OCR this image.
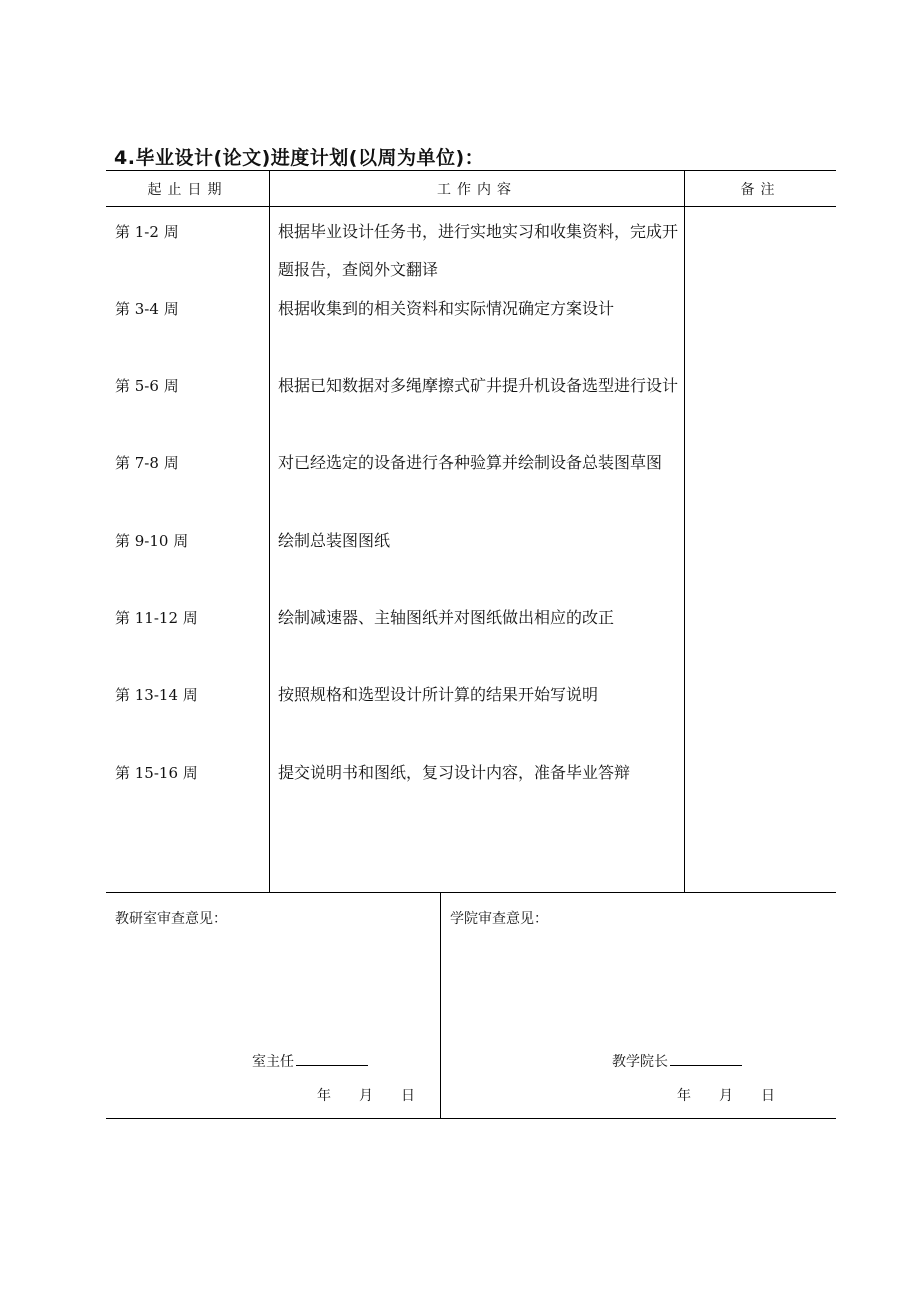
4.毕业设计(论文)进度计划(以周为单位)：
起止日期	工作内容	备注
第 1-2 周	根据毕业设计任务书，进行实地实习和收集资料，完成开题报告，查阅外文翻译
第 3-4 周	根据收集到的相关资料和实际情况确定方案设计
第 5-6 周	根据已知数据对多绳摩擦式矿井提升机设备选型进行设计
第 7-8 周	对已经选定的设备进行各种验算并绘制设备总装图草图
第 9-10 周	绘制总装图图纸
第 11-12 周	绘制减速器、主轴图纸并对图纸做出相应的改正
第 13-14 周	按照规格和选型设计所计算的结果开始写说明
第 15-16 周	提交说明书和图纸，复习设计内容，准备毕业答辩
教研室审查意见：	学院审查意见：
室主任	教学院长
年 月 日	年 月 日
